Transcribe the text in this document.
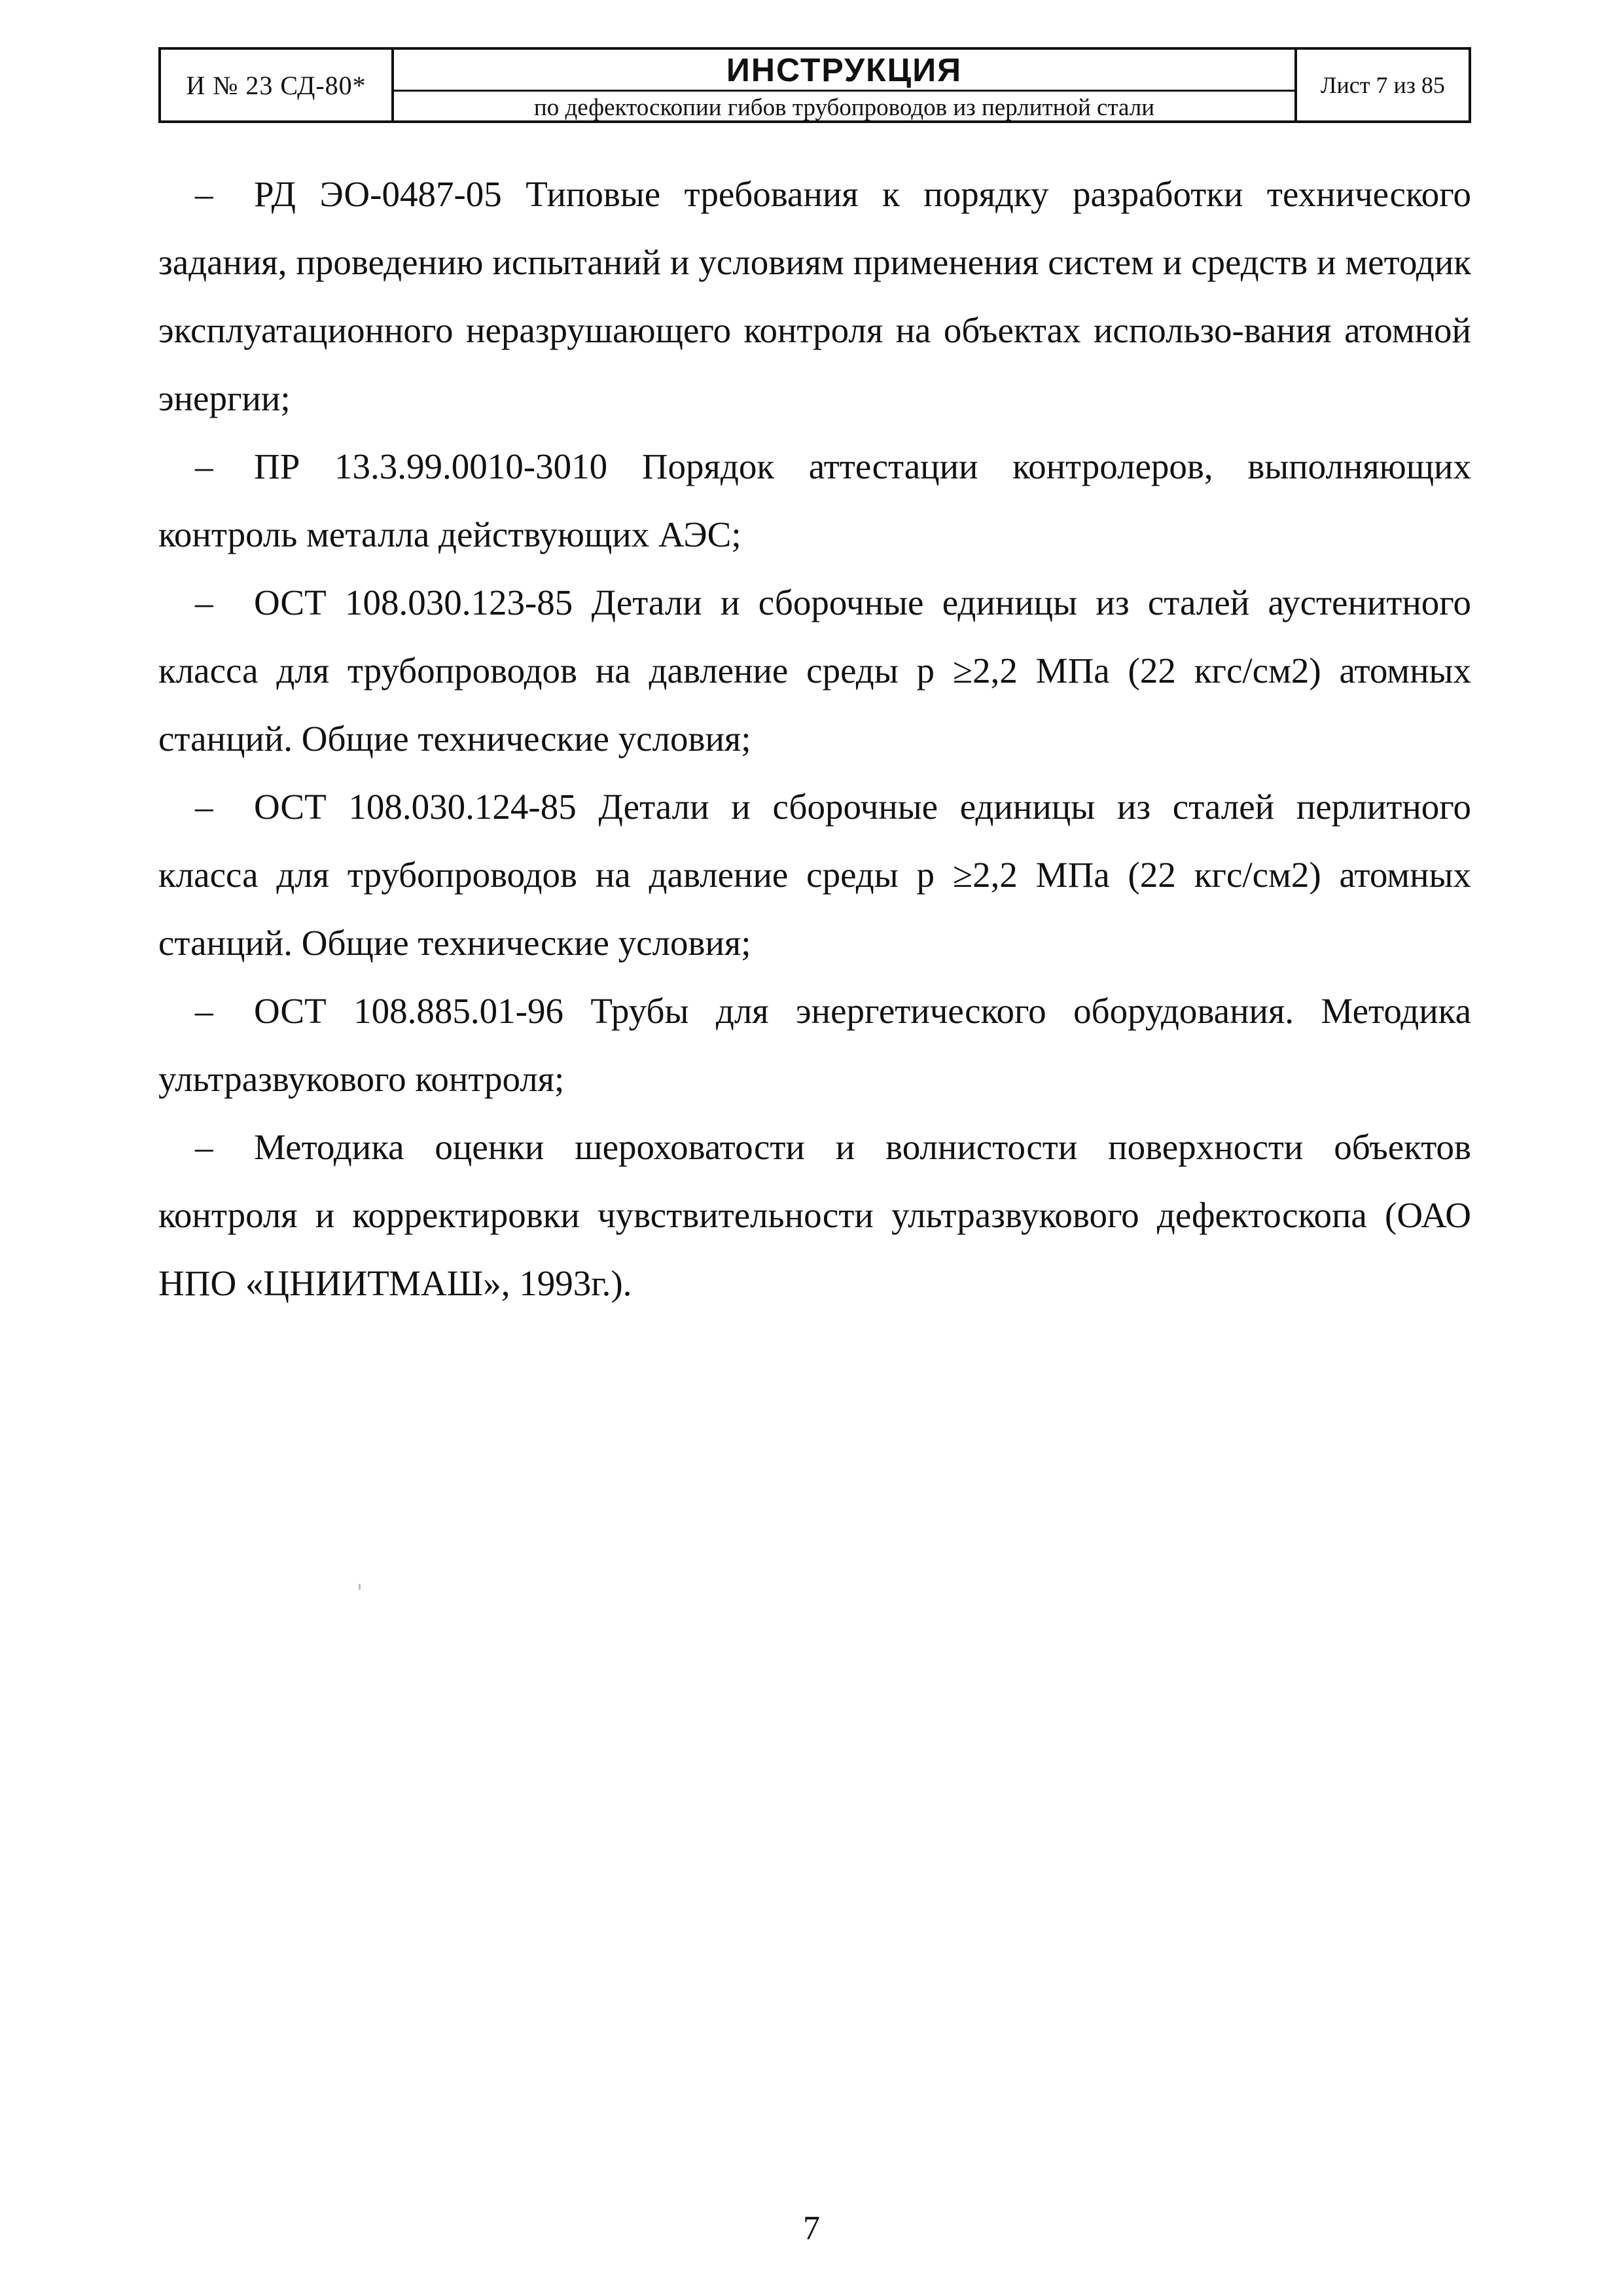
И № 23 СД-80*	ИНСТРУКЦИЯ
по дефектоскопии гибов трубопроводов из перлитной стали
Лист 7 из 85

– РД ЭО-0487-05 Типовые требования к порядку разработки технического задания, проведению испытаний и условиям применения систем и средств и методик эксплуатационного неразрушающего контроля на объектах использо-вания атомной энергии;

– ПР 13.3.99.0010-3010 Порядок аттестации контролеров, выполняющих контроль металла действующих АЭС;

– ОСТ 108.030.123-85 Детали и сборочные единицы из сталей аустенитного класса для трубопроводов на давление среды р ≥2,2 МПа (22 кгс/см2) атомных станций. Общие технические условия;

– ОСТ 108.030.124-85 Детали и сборочные единицы из сталей перлитного класса для трубопроводов на давление среды р ≥2,2 МПа (22 кгс/см2) атомных станций. Общие технические условия;

– ОСТ 108.885.01-96 Трубы для энергетического оборудования. Методика ультразвукового контроля;

– Методика оценки шероховатости и волнистости поверхности объектов контроля и корректировки чувствительности ультразвукового дефектоскопа (ОАО НПО «ЦНИИТМАШ», 1993г.).

7
